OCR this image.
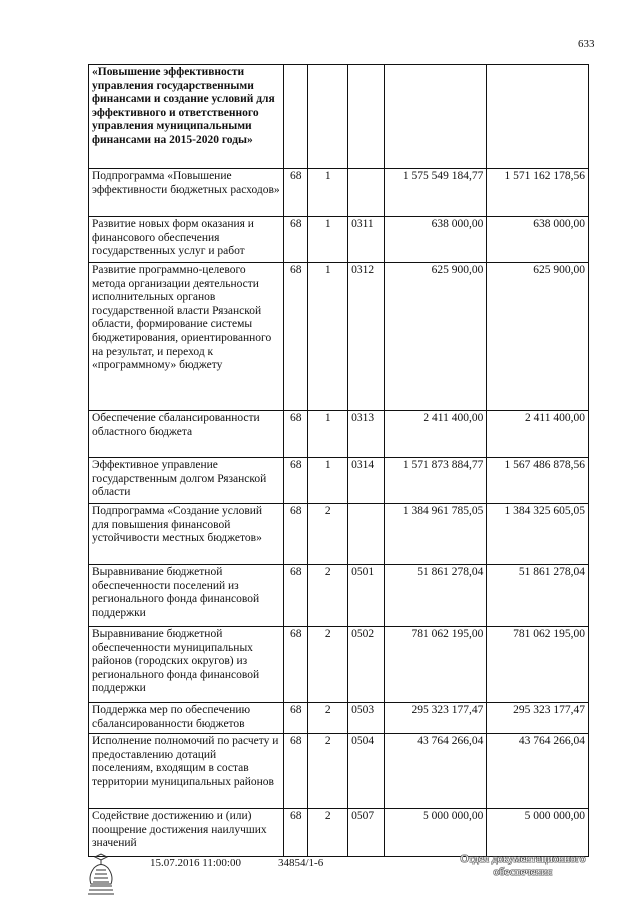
633
«Повышение эффективности управления государственными финансами и создание условий для эффективного и ответственного управления муниципальными финансами на 2015-2020 годы»					
Подпрограмма «Повышение эффективности бюджетных расходов»	68	1		1 575 549 184,77	1 571 162 178,56
Развитие новых форм оказания и финансового обеспечения государственных услуг и работ	68	1	0311	638 000,00	638 000,00
Развитие программно-целевого метода организации деятельности исполнительных органов государственной власти Рязанской области, формирование системы бюджетирования, ориентированного на результат, и переход к «программному» бюджету	68	1	0312	625 900,00	625 900,00
Обеспечение сбалансированности областного бюджета	68	1	0313	2 411 400,00	2 411 400,00
Эффективное управление государственным долгом Рязанской области	68	1	0314	1 571 873 884,77	1 567 486 878,56
Подпрограмма «Создание условий для повышения финансовой устойчивости местных бюджетов»	68	2		1 384 961 785,05	1 384 325 605,05
Выравнивание бюджетной обеспеченности поселений из регионального фонда финансовой поддержки	68	2	0501	51 861 278,04	51 861 278,04
Выравнивание бюджетной обеспеченности муниципальных районов (городских округов) из регионального фонда финансовой поддержки	68	2	0502	781 062 195,00	781 062 195,00
Поддержка мер по обеспечению сбалансированности бюджетов	68	2	0503	295 323 177,47	295 323 177,47
Исполнение полномочий по расчету и предоставлению дотаций поселениям, входящим в состав территории муниципальных районов	68	2	0504	43 764 266,04	43 764 266,04
Содействие достижению и (или) поощрение достижения наилучших значений	68	2	0507	5 000 000,00	5 000 000,00
15.07.2016 11:00:00	34854/1-6	Отдел документационного
обеспечения
